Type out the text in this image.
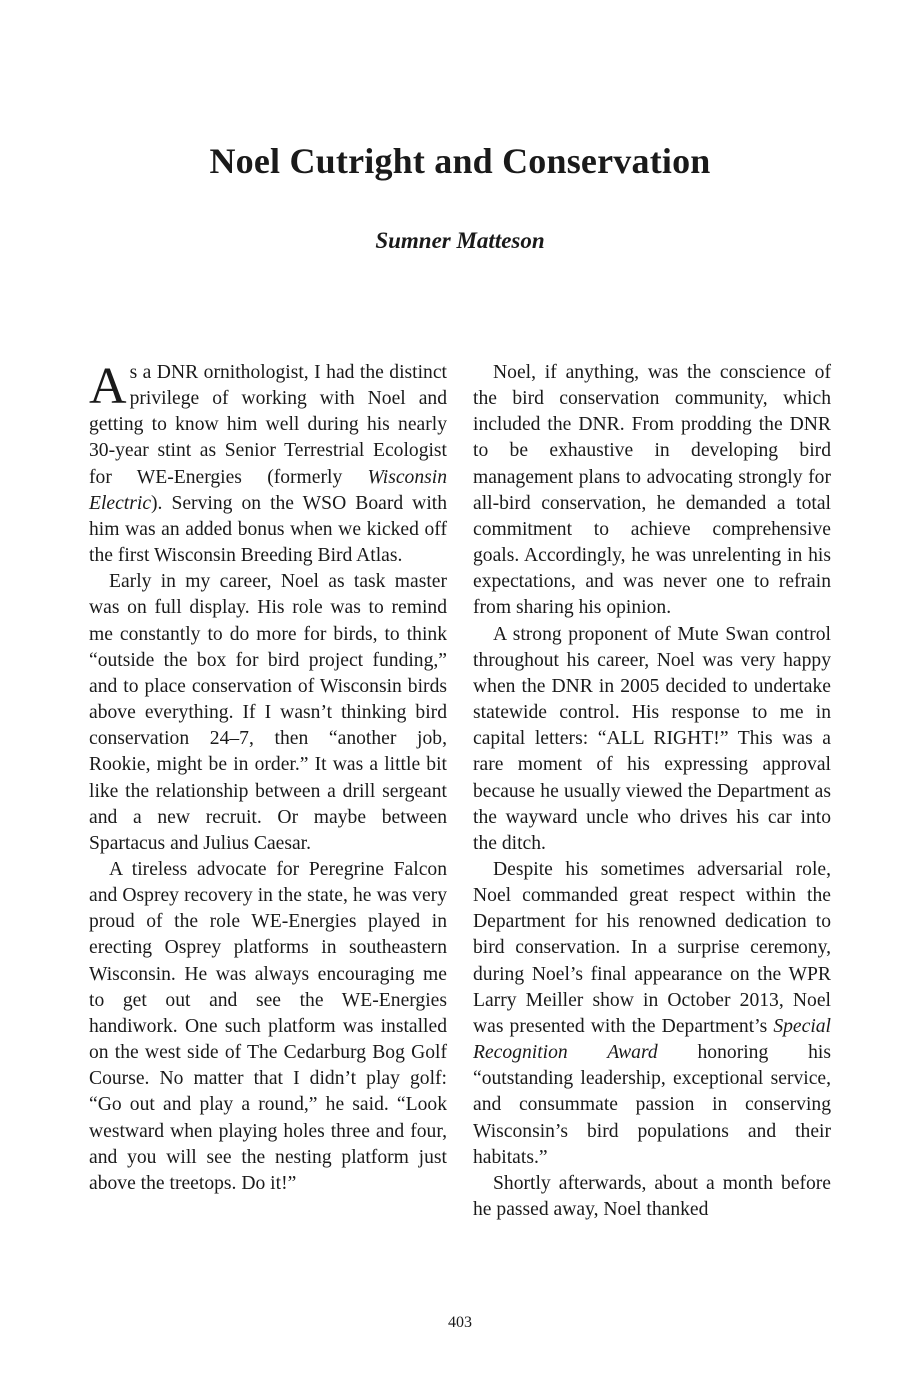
Noel Cutright and Conservation
Sumner Matteson

As a DNR ornithologist, I had the distinct privilege of working with Noel and getting to know him well during his nearly 30-year stint as Senior Terrestrial Ecologist for WE-Energies (formerly Wisconsin Electric). Serving on the WSO Board with him was an added bonus when we kicked off the first Wisconsin Breeding Bird Atlas.

Early in my career, Noel as task master was on full display. His role was to remind me constantly to do more for birds, to think “outside the box for bird project funding,” and to place conservation of Wisconsin birds above everything. If I wasn’t thinking bird conservation 24–7, then “another job, Rookie, might be in order.” It was a little bit like the relationship between a drill sergeant and a new recruit. Or maybe between Spartacus and Julius Caesar.

A tireless advocate for Peregrine Falcon and Osprey recovery in the state, he was very proud of the role WE-Energies played in erecting Osprey platforms in southeastern Wisconsin. He was always encouraging me to get out and see the WE-Energies handiwork. One such platform was installed on the west side of The Cedarburg Bog Golf Course. No matter that I didn’t play golf: “Go out and play a round,” he said. “Look westward when playing holes three and four, and you will see the nesting platform just above the treetops. Do it!”

Noel, if anything, was the conscience of the bird conservation community, which included the DNR. From prodding the DNR to be exhaustive in developing bird management plans to advocating strongly for all-bird conservation, he demanded a total commitment to achieve comprehensive goals. Accordingly, he was unrelenting in his expectations, and was never one to refrain from sharing his opinion.

A strong proponent of Mute Swan control throughout his career, Noel was very happy when the DNR in 2005 decided to undertake statewide control. His response to me in capital letters: “ALL RIGHT!” This was a rare moment of his expressing approval because he usually viewed the Department as the wayward uncle who drives his car into the ditch.

Despite his sometimes adversarial role, Noel commanded great respect within the Department for his renowned dedication to bird conservation. In a surprise ceremony, during Noel’s final appearance on the WPR Larry Meiller show in October 2013, Noel was presented with the Department’s Special Recognition Award honoring his “outstanding leadership, exceptional service, and consummate passion in conserving Wisconsin’s bird populations and their habitats.”

Shortly afterwards, about a month before he passed away, Noel thanked

403
